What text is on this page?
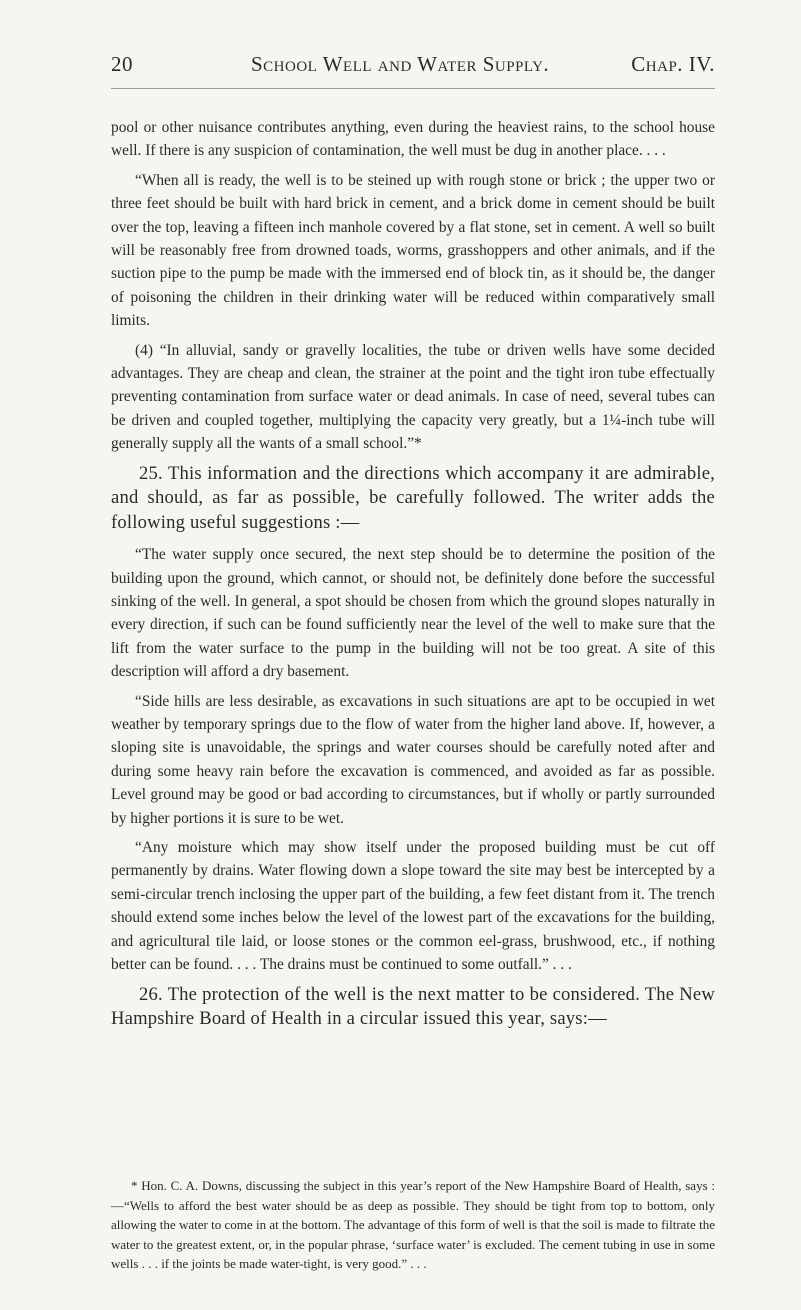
20	School Well and Water Supply.	Chap. IV.

pool or other nuisance contributes anything, even during the heaviest rains, to the school house well. If there is any suspicion of contamination, the well must be dug in another place. . . .

“When all is ready, the well is to be steined up with rough stone or brick ; the upper two or three feet should be built with hard brick in cement, and a brick dome in cement should be built over the top, leaving a fifteen inch manhole covered by a flat stone, set in cement. A well so built will be reasonably free from drowned toads, worms, grasshoppers and other animals, and if the suction pipe to the pump be made with the immersed end of block tin, as it should be, the danger of poisoning the children in their drinking water will be reduced within comparatively small limits.

(4) “In alluvial, sandy or gravelly localities, the tube or driven wells have some decided advantages. They are cheap and clean, the strainer at the point and the tight iron tube effectually preventing contamination from surface water or dead animals. In case of need, several tubes can be driven and coupled together, multiplying the capacity very greatly, but a 1¼-inch tube will generally supply all the wants of a small school.”*

25. This information and the directions which accompany it are admirable, and should, as far as possible, be carefully followed. The writer adds the following useful suggestions :—

“The water supply once secured, the next step should be to determine the position of the building upon the ground, which cannot, or should not, be definitely done before the successful sinking of the well. In general, a spot should be chosen from which the ground slopes naturally in every direction, if such can be found sufficiently near the level of the well to make sure that the lift from the water surface to the pump in the building will not be too great. A site of this description will afford a dry basement.

“Side hills are less desirable, as excavations in such situations are apt to be occupied in wet weather by temporary springs due to the flow of water from the higher land above. If, however, a sloping site is unavoidable, the springs and water courses should be carefully noted after and during some heavy rain before the excavation is commenced, and avoided as far as possible. Level ground may be good or bad according to circumstances, but if wholly or partly surrounded by higher portions it is sure to be wet.

“Any moisture which may show itself under the proposed building must be cut off permanently by drains. Water flowing down a slope toward the site may best be intercepted by a semi-circular trench inclosing the upper part of the building, a few feet distant from it. The trench should extend some inches below the level of the lowest part of the excavations for the building, and agricultural tile laid, or loose stones or the common eel-grass, brushwood, etc., if nothing better can be found. . . . The drains must be continued to some outfall.” . . .

26. The protection of the well is the next matter to be considered. The New Hampshire Board of Health in a circular issued this year, says:—

* Hon. C. A. Downs, discussing the subject in this year’s report of the New Hampshire Board of Health, says :—“Wells to afford the best water should be as deep as possible. They should be tight from top to bottom, only allowing the water to come in at the bottom. The advantage of this form of well is that the soil is made to filtrate the water to the greatest extent, or, in the popular phrase, ‘surface water’ is excluded. The cement tubing in use in some wells . . . if the joints be made water-tight, is very good.” . . .
